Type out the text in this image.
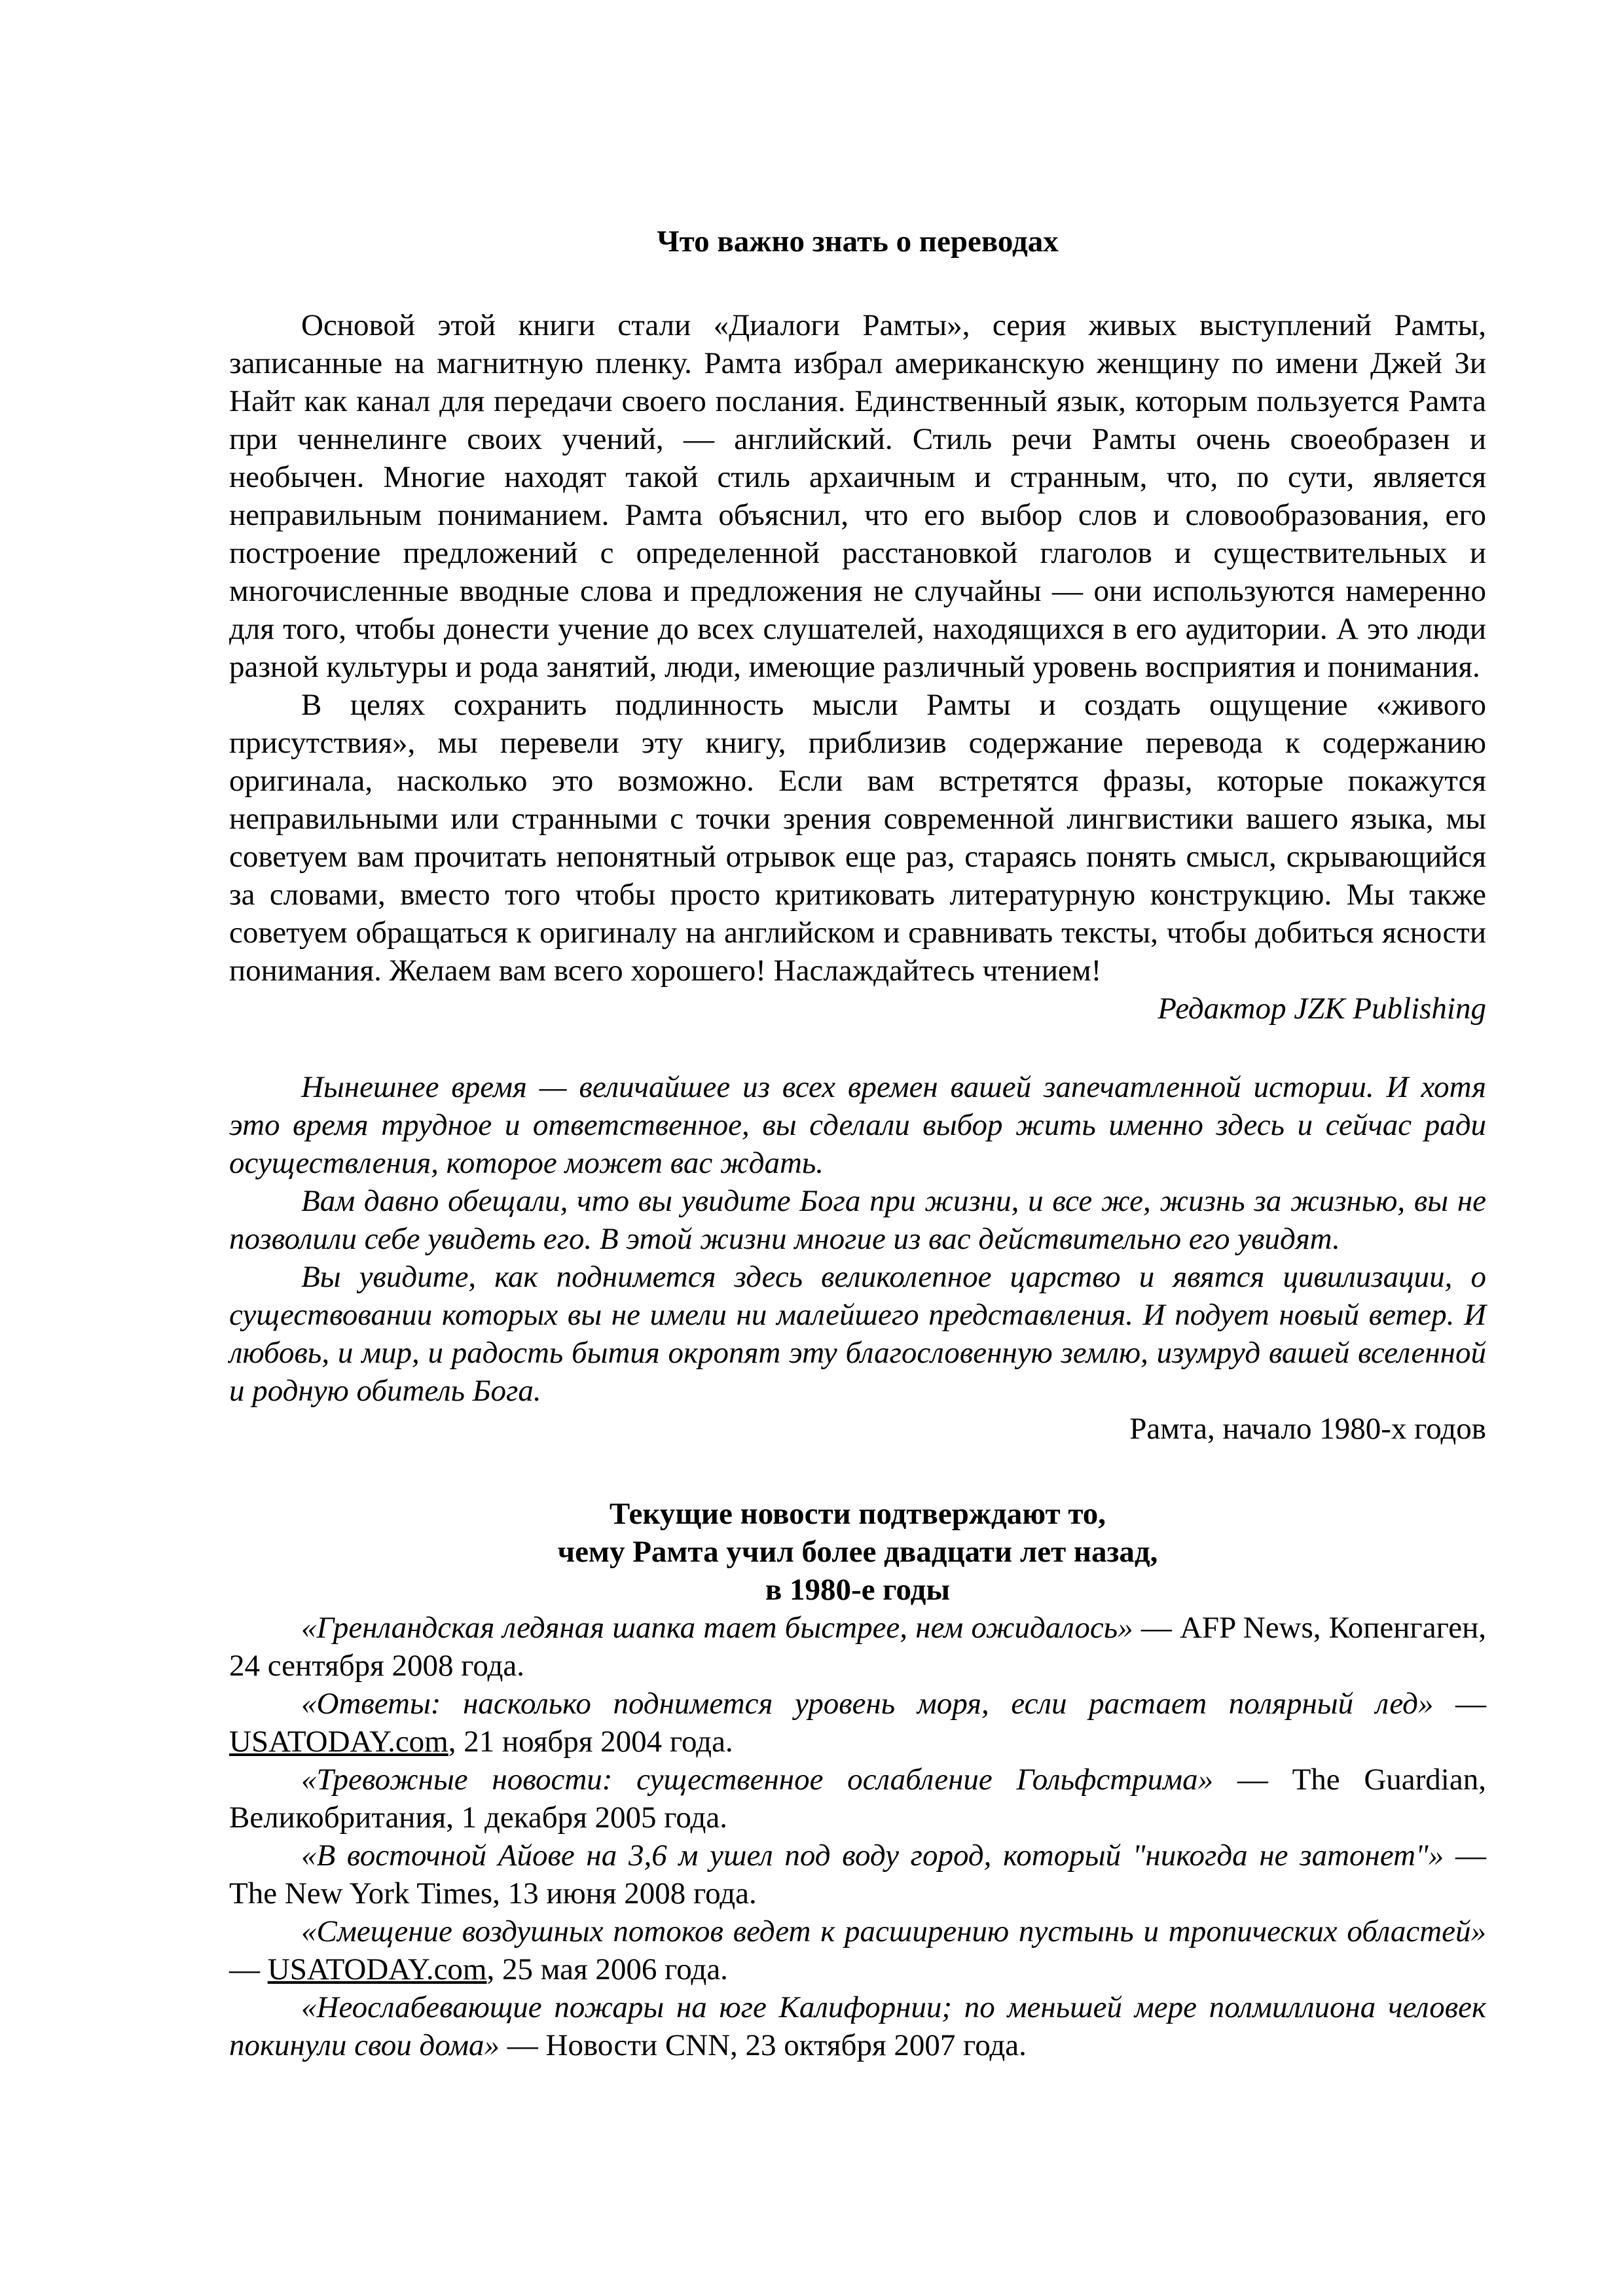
Что важно знать о переводах

Основой этой книги стали «Диалоги Рамты», серия живых выступлений Рамты, записанные на магнитную пленку. Рамта избрал американскую женщину по имени Джей Зи Найт как канал для передачи своего послания. Единственный язык, которым пользуется Рамта при ченнелинге своих учений, — английский. Стиль речи Рамты очень своеобразен и необычен. Многие находят такой стиль архаичным и странным, что, по сути, является неправильным пониманием. Рамта объяснил, что его выбор слов и словообразования, его построение предложений с определенной расстановкой глаголов и существительных и многочисленные вводные слова и предложения не случайны — они используются намеренно для того, чтобы донести учение до всех слушателей, находящихся в его аудитории. А это люди разной культуры и рода занятий, люди, имеющие различный уровень восприятия и понимания.

В целях сохранить подлинность мысли Рамты и создать ощущение «живого присутствия», мы перевели эту книгу, приблизив содержание перевода к содержанию оригинала, насколько это возможно. Если вам встретятся фразы, которые покажутся неправильными или странными с точки зрения современной лингвистики вашего языка, мы советуем вам прочитать непонятный отрывок еще раз, стараясь понять смысл, скрывающийся за словами, вместо того чтобы просто критиковать литературную конструкцию. Мы также советуем обращаться к оригиналу на английском и сравнивать тексты, чтобы добиться ясности понимания. Желаем вам всего хорошего! Наслаждайтесь чтением!

Редактор JZK Publishing

Нынешнее время — величайшее из всех времен вашей запечатленной истории. И хотя это время трудное и ответственное, вы сделали выбор жить именно здесь и сейчас ради осуществления, которое может вас ждать.

Вам давно обещали, что вы увидите Бога при жизни, и все же, жизнь за жизнью, вы не позволили себе увидеть его. В этой жизни многие из вас действительно его увидят.

Вы увидите, как поднимется здесь великолепное царство и явятся цивилизации, о существовании которых вы не имели ни малейшего представления. И подует новый ветер. И любовь, и мир, и радость бытия окропят эту благословенную землю, изумруд вашей вселенной и родную обитель Бога.

Рамта, начало 1980-х годов

Текущие новости подтверждают то,
чему Рамта учил более двадцати лет назад,
в 1980-е годы

«Гренландская ледяная шапка тает быстрее, нем ожидалось» — AFP News, Копенгаген, 24 сентября 2008 года.

«Ответы: насколько поднимется уровень моря, если растает полярный лед» — USATODAY.com, 21 ноября 2004 года.

«Тревожные новости: существенное ослабление Гольфстрима» — The Guardian, Великобритания, 1 декабря 2005 года.

«В восточной Айове на 3,6 м ушел под воду город, который "никогда не затонет"» — The New York Times, 13 июня 2008 года.

«Смещение воздушных потоков ведет к расширению пустынь и тропических областей» — USATODAY.com, 25 мая 2006 года.

«Неослабевающие пожары на юге Калифорнии; по меньшей мере полмиллиона человек покинули свои дома» — Новости CNN, 23 октября 2007 года.
